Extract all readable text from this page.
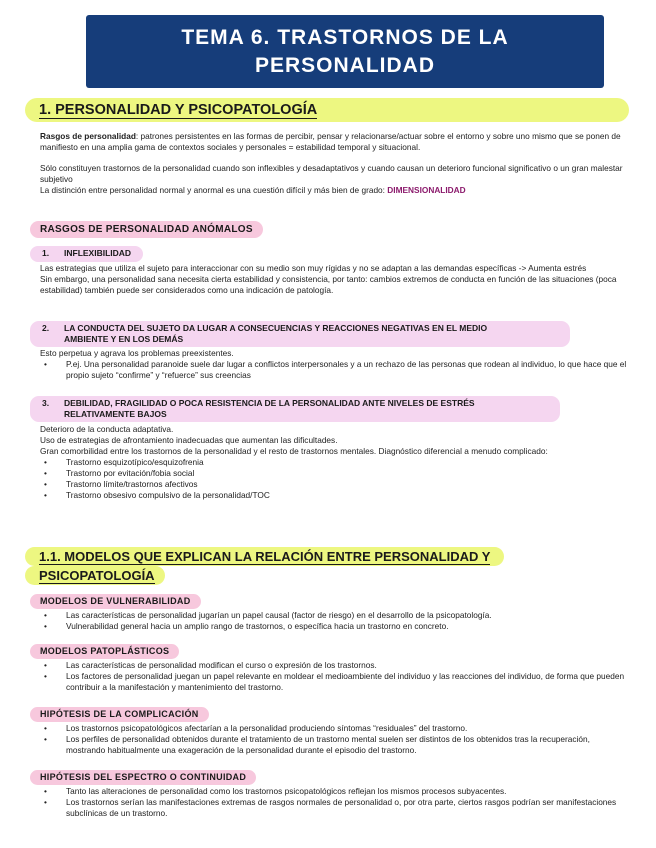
TEMA 6. TRASTORNOS DE LA
PERSONALIDAD
1. PERSONALIDAD Y PSICOPATOLOGÍA

Rasgos de personalidad: patrones persistentes en las formas de percibir, pensar y relacionarse/actuar sobre el entorno y sobre uno mismo que se ponen de manifiesto en una amplia gama de contextos sociales y personales = estabilidad temporal y situacional.

Sólo constituyen trastornos de la personalidad cuando son inflexibles y desadaptativos y cuando causan un deterioro funcional significativo o un gran malestar subjetivo

La distinción entre personalidad normal y anormal es una cuestión difícil y más bien de grado: DIMENSIONALIDAD

RASGOS DE PERSONALIDAD ANÓMALOS
1. INFLEXIBILIDAD

Las estrategias que utiliza el sujeto para interaccionar con su medio son muy rígidas y no se adaptan a las demandas específicas -> Aumenta estrés

Sin embargo, una personalidad sana necesita cierta estabilidad y consistencia, por tanto: cambios extremos de conducta en función de las situaciones (poca estabilidad) también puede ser considerados como una indicación de patología.

2. LA CONDUCTA DEL SUJETO DA LUGAR A CONSECUENCIAS Y REACCIONES NEGATIVAS EN EL MEDIO
AMBIENTE Y EN LOS DEMÁS

Esto perpetua y agrava los problemas preexistentes.

• P.ej. Una personalidad paranoide suele dar lugar a conflictos interpersonales y a un rechazo de las personas que rodean al individuo, lo que hace que el propio sujeto “confirme” y “refuerce” sus creencias
3. DEBILIDAD, FRAGILIDAD O POCA RESISTENCIA DE LA PERSONALIDAD ANTE NIVELES DE ESTRÉS
RELATIVAMENTE BAJOS

Deterioro de la conducta adaptativa.

Uso de estrategias de afrontamiento inadecuadas que aumentan las dificultades.

Gran comorbilidad entre los trastornos de la personalidad y el resto de trastornos mentales. Diagnóstico diferencial a menudo complicado:

• Trastorno esquizotípico/esquizofrenia
• Trastorno por evitación/fobia social
• Trastorno límite/trastornos afectivos
• Trastorno obsesivo compulsivo de la personalidad/TOC
1.1. MODELOS QUE EXPLICAN LA RELACIÓN ENTRE PERSONALIDAD Y
PSICOPATOLOGÍA
MODELOS DE VULNERABILIDAD
• Las características de personalidad jugarían un papel causal (factor de riesgo) en el desarrollo de la psicopatología.
• Vulnerabilidad general hacia un amplio rango de trastornos, o específica hacia un trastorno en concreto.
MODELOS PATOPLÁSTICOS
• Las características de personalidad modifican el curso o expresión de los trastornos.
• Los factores de personalidad juegan un papel relevante en moldear el medioambiente del individuo y las reacciones del individuo, de forma que pueden contribuir a la manifestación y mantenimiento del trastorno.
HIPÓTESIS DE LA COMPLICACIÓN
• Los trastornos psicopatológicos afectarían a la personalidad produciendo síntomas “residuales” del trastorno.
• Los perfiles de personalidad obtenidos durante el tratamiento de un trastorno mental suelen ser distintos de los obtenidos tras la recuperación, mostrando habitualmente una exageración de la personalidad durante el episodio del trastorno.
HIPÓTESIS DEL ESPECTRO O CONTINUIDAD
• Tanto las alteraciones de personalidad como los trastornos psicopatológicos reflejan los mismos procesos subyacentes.
• Los trastornos serían las manifestaciones extremas de rasgos normales de personalidad o, por otra parte, ciertos rasgos podrían ser manifestaciones subclínicas de un trastorno.
